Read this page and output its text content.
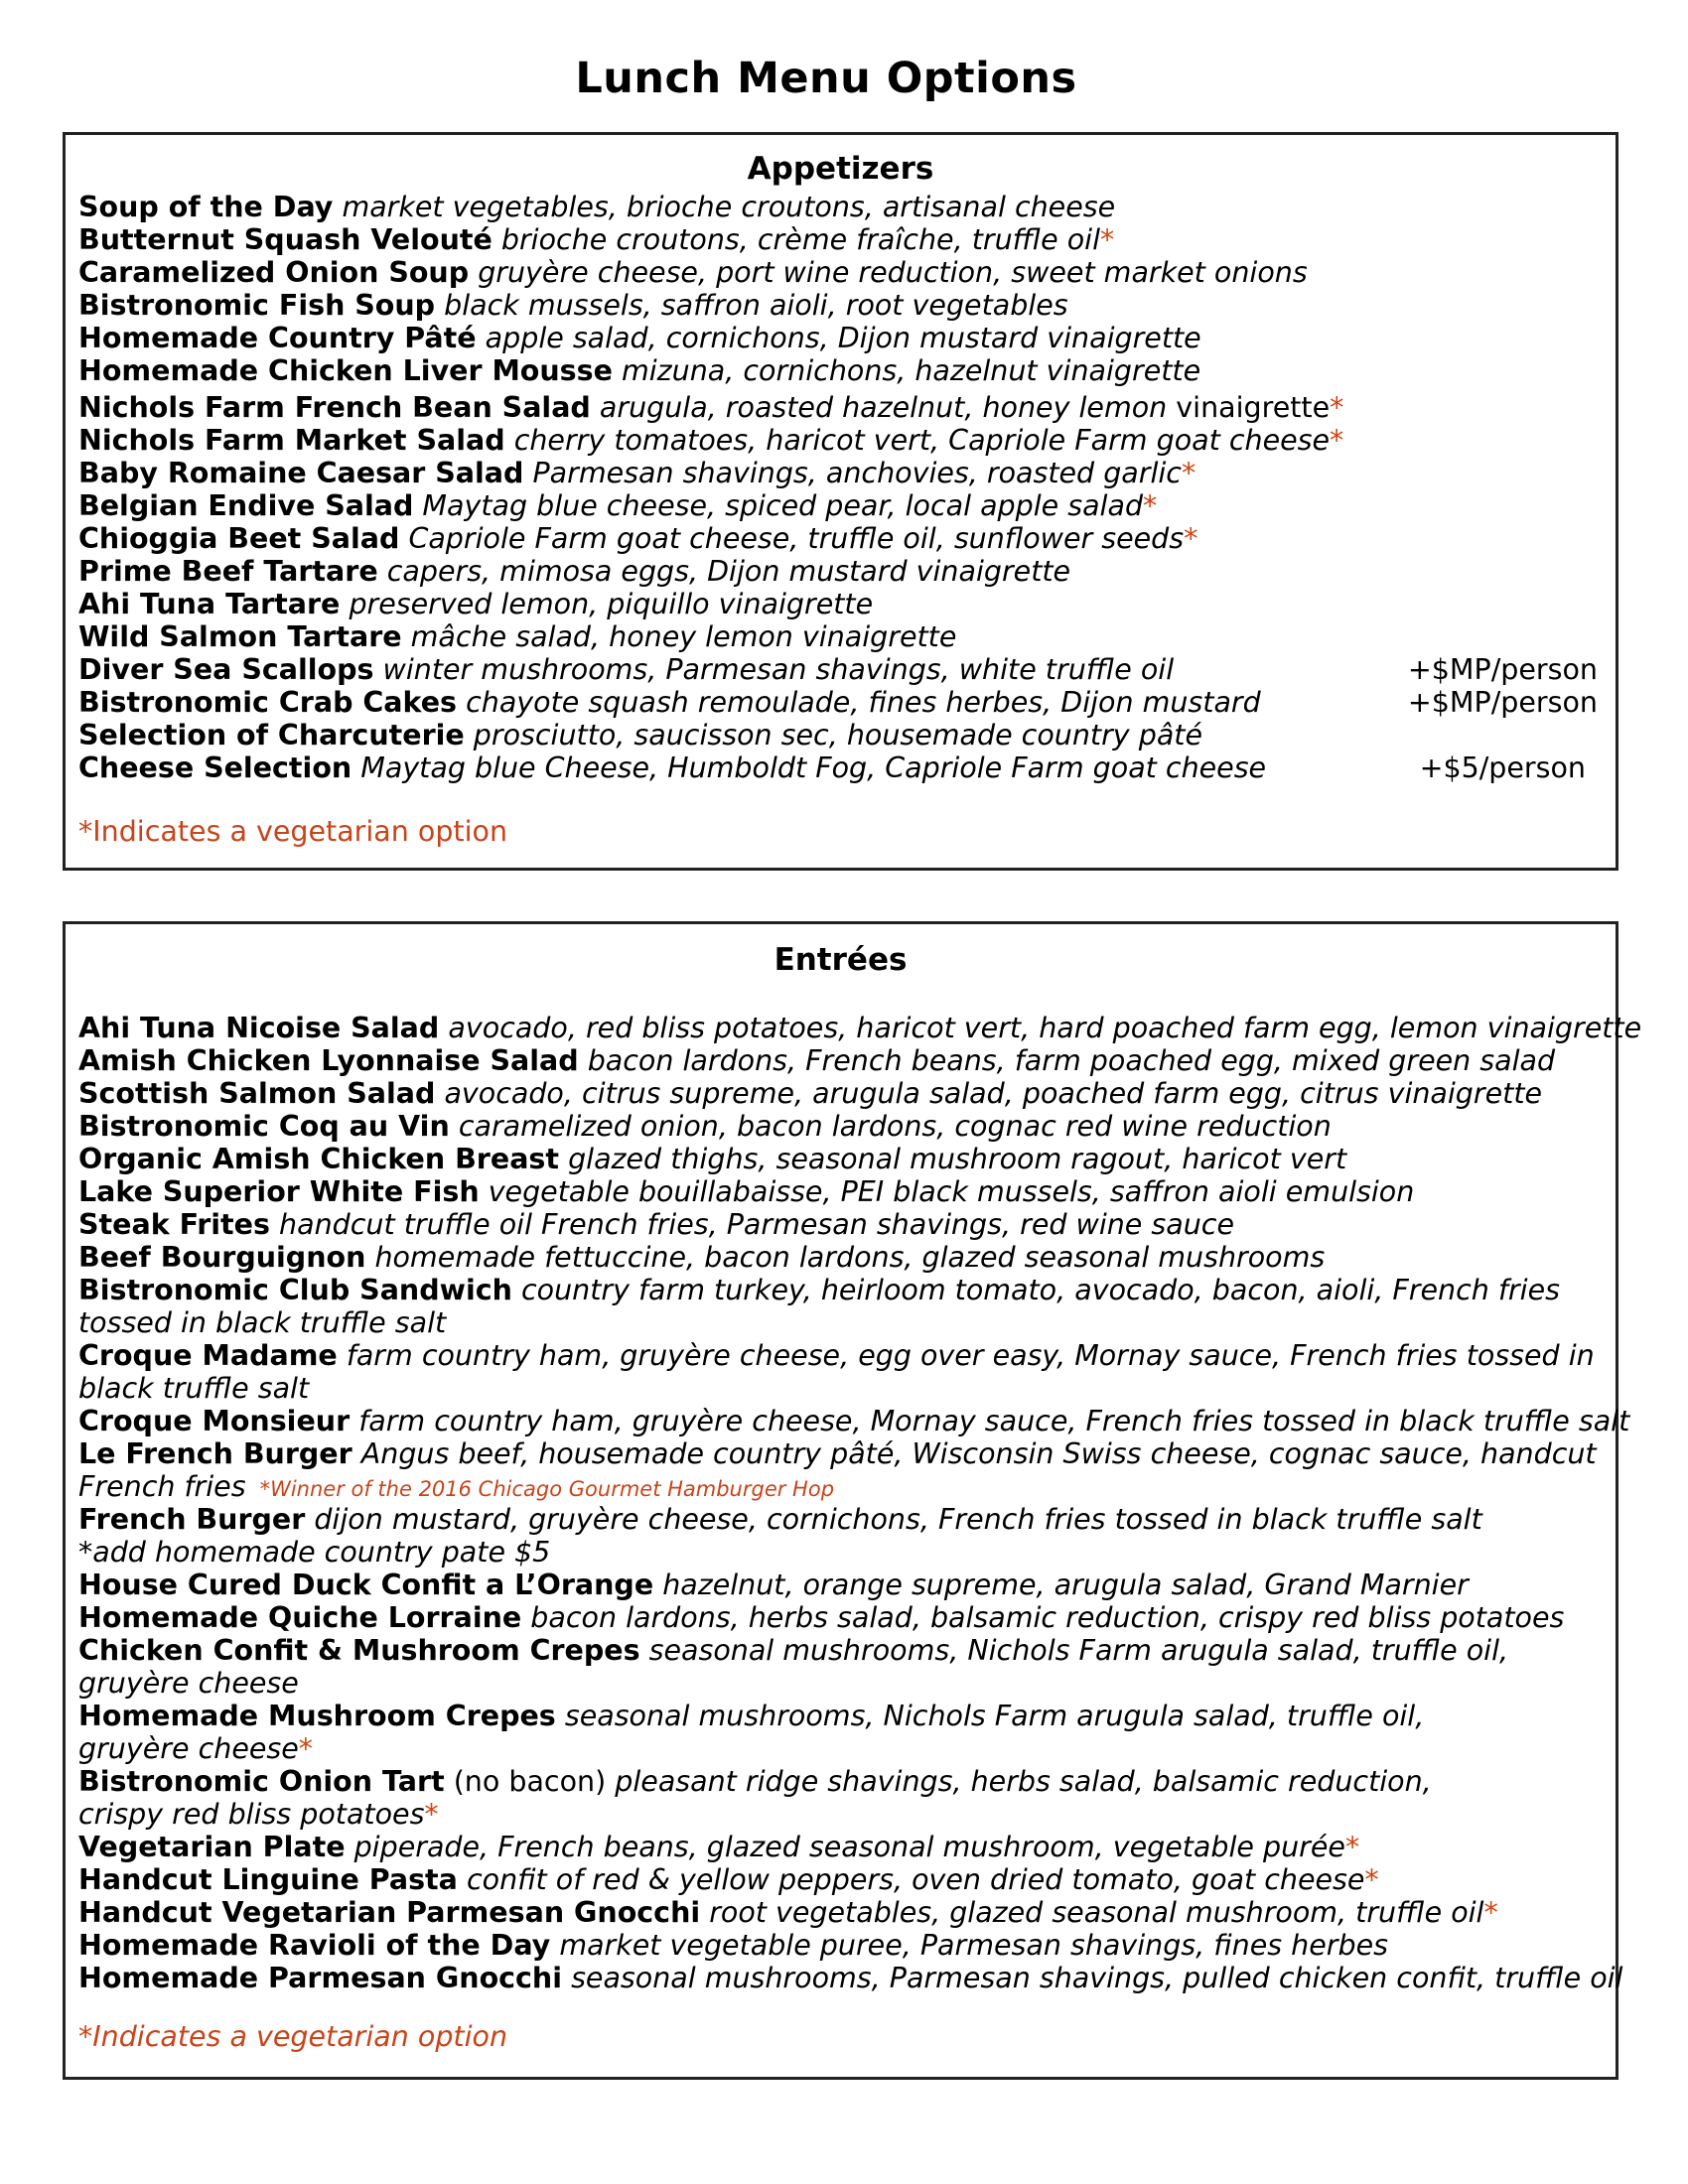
Lunch Menu Options
Appetizers
Soup of the Day market vegetables, brioche croutons, artisanal cheese
Butternut Squash Velouté brioche croutons, crème fraîche, truffle oil*
Caramelized Onion Soup gruyère cheese, port wine reduction, sweet market onions
Bistronomic Fish Soup black mussels, saffron aioli, root vegetables
Homemade Country Pâté apple salad, cornichons, Dijon mustard vinaigrette
Homemade Chicken Liver Mousse mizuna, cornichons, hazelnut vinaigrette
Nichols Farm French Bean Salad arugula, roasted hazelnut, honey lemon vinaigrette*
Nichols Farm Market Salad cherry tomatoes, haricot vert, Capriole Farm goat cheese*
Baby Romaine Caesar Salad Parmesan shavings, anchovies, roasted garlic*
Belgian Endive Salad Maytag blue cheese, spiced pear, local apple salad*
Chioggia Beet Salad Capriole Farm goat cheese, truffle oil, sunflower seeds*
Prime Beef Tartare capers, mimosa eggs, Dijon mustard vinaigrette
Ahi Tuna Tartare preserved lemon, piquillo vinaigrette
Wild Salmon Tartare mâche salad, honey lemon vinaigrette
Diver Sea Scallops winter mushrooms, Parmesan shavings, white truffle oil	+$MP/person
Bistronomic Crab Cakes chayote squash remoulade, fines herbes, Dijon mustard	+$MP/person
Selection of Charcuterie prosciutto, saucisson sec, housemade country pâté
Cheese Selection Maytag blue Cheese, Humboldt Fog, Capriole Farm goat cheese	+$5/person
*Indicates a vegetarian option
Entrées
Ahi Tuna Nicoise Salad avocado, red bliss potatoes, haricot vert, hard poached farm egg, lemon vinaigrette
Amish Chicken Lyonnaise Salad bacon lardons, French beans, farm poached egg, mixed green salad
Scottish Salmon Salad avocado, citrus supreme, arugula salad, poached farm egg, citrus vinaigrette
Bistronomic Coq au Vin caramelized onion, bacon lardons, cognac red wine reduction
Organic Amish Chicken Breast glazed thighs, seasonal mushroom ragout, haricot vert
Lake Superior White Fish vegetable bouillabaisse, PEI black mussels, saffron aioli emulsion
Steak Frites handcut truffle oil French fries, Parmesan shavings, red wine sauce
Beef Bourguignon homemade fettuccine, bacon lardons, glazed seasonal mushrooms
Bistronomic Club Sandwich country farm turkey, heirloom tomato, avocado, bacon, aioli, French fries
tossed in black truffle salt
Croque Madame farm country ham, gruyère cheese, egg over easy, Mornay sauce, French fries tossed in
black truffle salt
Croque Monsieur farm country ham, gruyère cheese, Mornay sauce, French fries tossed in black truffle salt
Le French Burger Angus beef, housemade country pâté, Wisconsin Swiss cheese, cognac sauce, handcut
French fries *Winner of the 2016 Chicago Gourmet Hamburger Hop
French Burger dijon mustard, gruyère cheese, cornichons, French fries tossed in black truffle salt
*add homemade country pate $5
House Cured Duck Confit a L’Orange hazelnut, orange supreme, arugula salad, Grand Marnier
Homemade Quiche Lorraine bacon lardons, herbs salad, balsamic reduction, crispy red bliss potatoes
Chicken Confit & Mushroom Crepes seasonal mushrooms, Nichols Farm arugula salad, truffle oil,
gruyère cheese
Homemade Mushroom Crepes seasonal mushrooms, Nichols Farm arugula salad, truffle oil,
gruyère cheese*
Bistronomic Onion Tart (no bacon) pleasant ridge shavings, herbs salad, balsamic reduction,
crispy red bliss potatoes*
Vegetarian Plate piperade, French beans, glazed seasonal mushroom, vegetable purée*
Handcut Linguine Pasta confit of red & yellow peppers, oven dried tomato, goat cheese*
Handcut Vegetarian Parmesan Gnocchi root vegetables, glazed seasonal mushroom, truffle oil*
Homemade Ravioli of the Day market vegetable puree, Parmesan shavings, fines herbes
Homemade Parmesan Gnocchi seasonal mushrooms, Parmesan shavings, pulled chicken confit, truffle oil
*Indicates a vegetarian option
